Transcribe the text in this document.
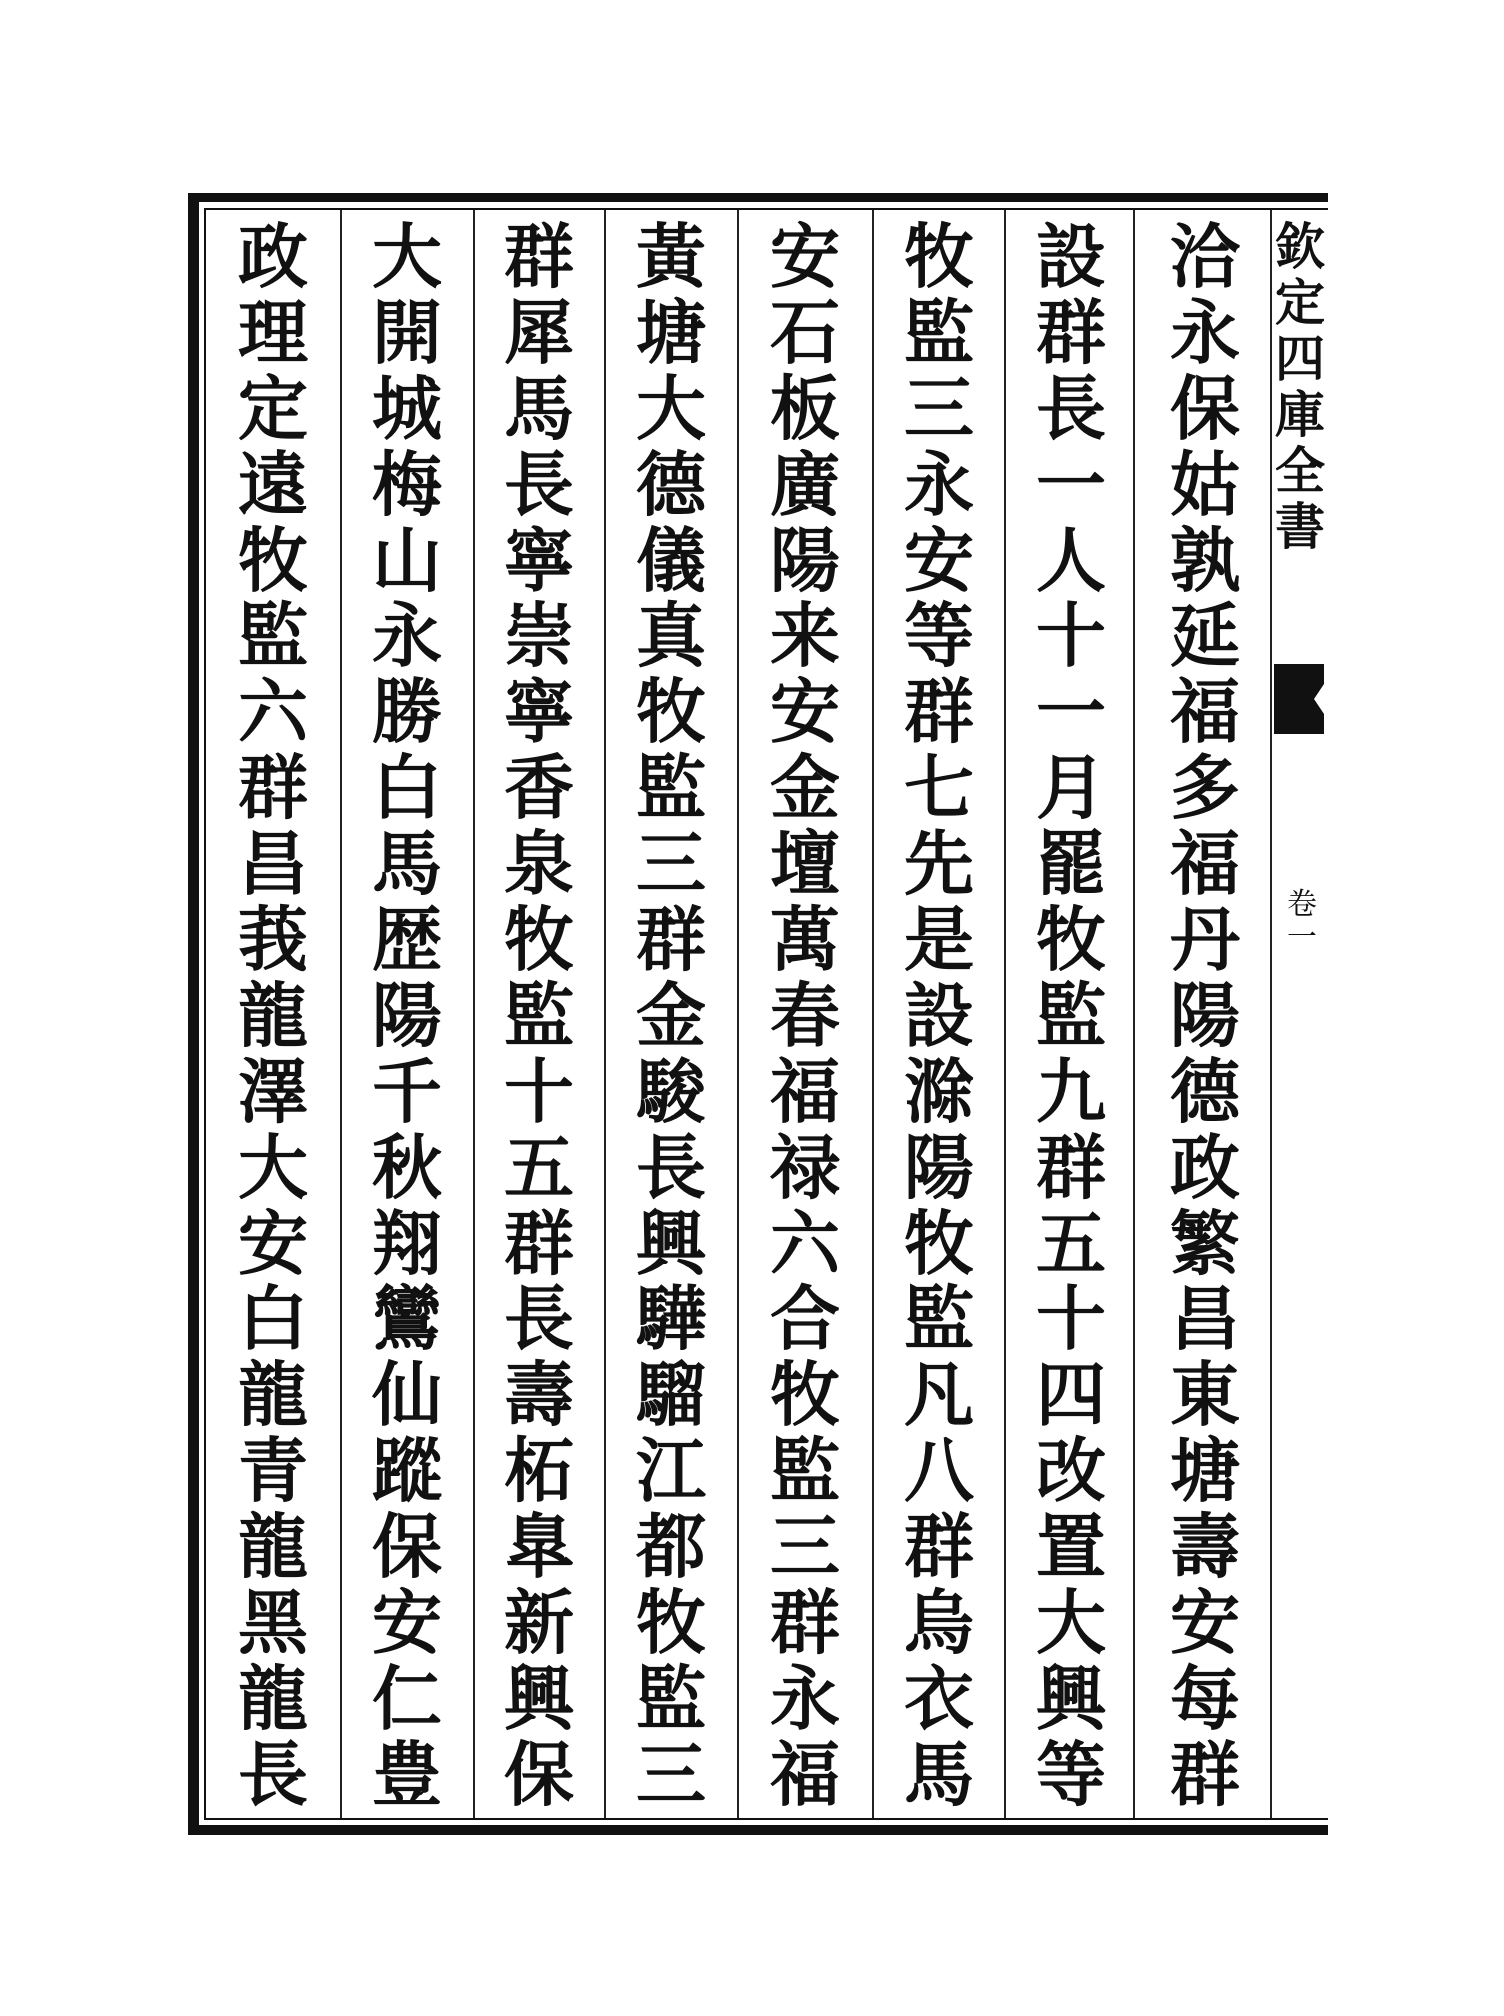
欽
定
四
庫
全
書
卷
一
洽
永
保
姑
孰
延
福
多
福
丹
陽
德
政
繁
昌
東
塘
壽
安
每
群
設
群
長
一
人
十
一
月
罷
牧
監
九
群
五
十
四
改
置
大
興
等
牧
監
三
永
安
等
群
七
先
是
設
滁
陽
牧
監
凡
八
群
烏
衣
馬
安
石
板
廣
陽
来
安
金
壇
萬
春
福
禄
六
合
牧
監
三
群
永
福
黃
塘
大
德
儀
真
牧
監
三
群
金
駿
長
興
驊
騮
江
都
牧
監
三
群
犀
馬
長
寧
崇
寧
香
泉
牧
監
十
五
群
長
壽
柘
臯
新
興
保
大
開
城
梅
山
永
勝
白
馬
歴
陽
千
秋
翔
鸞
仙
蹤
保
安
仁
豊
政
理
定
遠
牧
監
六
群
昌
莪
龍
澤
大
安
白
龍
青
龍
黑
龍
長
